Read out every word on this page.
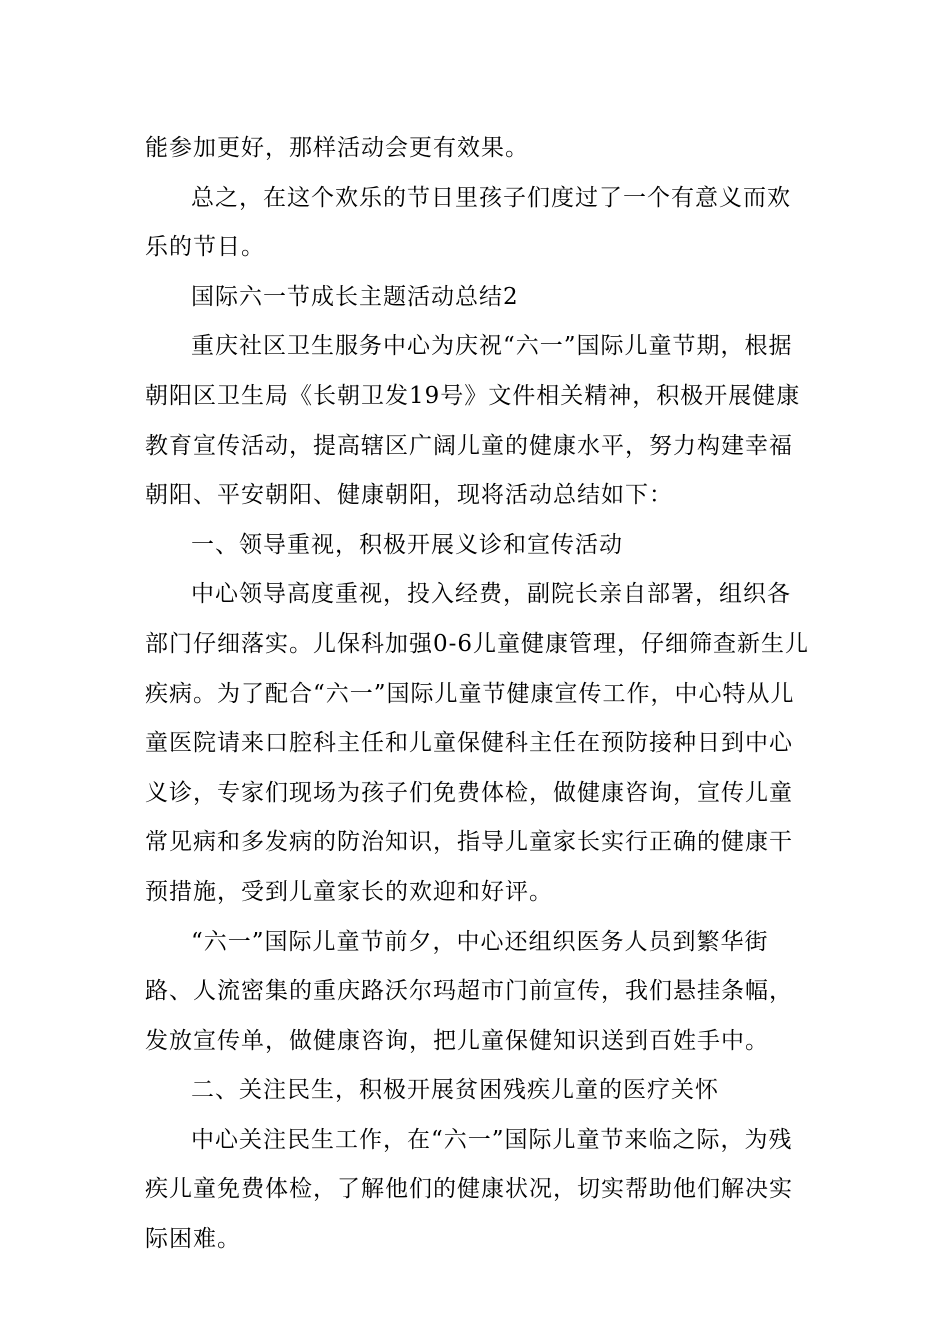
能参加更好，那样活动会更有效果。

总之，在这个欢乐的节日里孩子们度过了一个有意义而欢乐的节日。

国际六一节成长主题活动总结2

重庆社区卫生服务中心为庆祝“六一”国际儿童节期，根据朝阳区卫生局《长朝卫发19号》文件相关精神，积极开展健康教育宣传活动，提高辖区广阔儿童的健康水平，努力构建幸福朝阳、平安朝阳、健康朝阳，现将活动总结如下：

一、领导重视，积极开展义诊和宣传活动

中心领导高度重视，投入经费，副院长亲自部署，组织各部门仔细落实。儿保科加强0-6儿童健康管理，仔细筛查新生儿疾病。为了配合“六一”国际儿童节健康宣传工作，中心特从儿童医院请来口腔科主任和儿童保健科主任在预防接种日到中心义诊，专家们现场为孩子们免费体检，做健康咨询，宣传儿童常见病和多发病的防治知识，指导儿童家长实行正确的健康干预措施，受到儿童家长的欢迎和好评。

“六一”国际儿童节前夕，中心还组织医务人员到繁华街路、人流密集的重庆路沃尔玛超市门前宣传，我们悬挂条幅，发放宣传单，做健康咨询，把儿童保健知识送到百姓手中。

二、关注民生，积极开展贫困残疾儿童的医疗关怀

中心关注民生工作，在“六一”国际儿童节来临之际，为残疾儿童免费体检，了解他们的健康状况，切实帮助他们解决实际困难。
